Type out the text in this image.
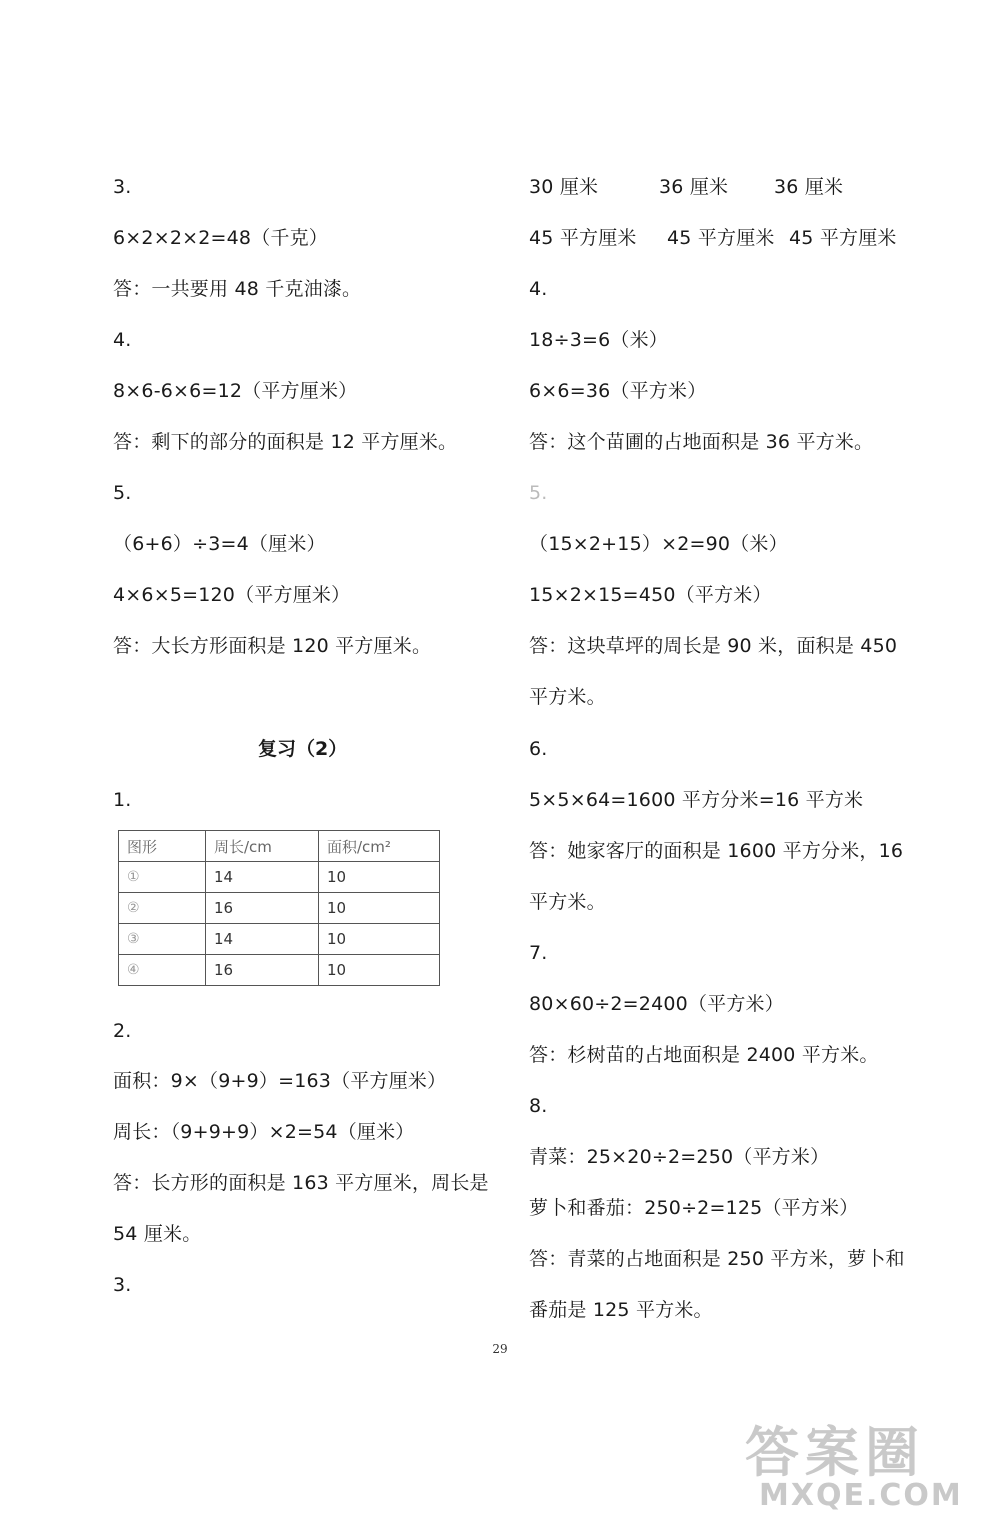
3.
6×2×2×2=48（千克）
答：一共要用 48 千克油漆。
4.
8×6-6×6=12（平方厘米）
答：剩下的部分的面积是 12 平方厘米。
5.
（6+6）÷3=4（厘米）
4×6×5=120（平方厘米）
答：大长方形面积是 120 平方厘米。
复习（2）
1.
2.
面积：9×（9+9）=163（平方厘米）
周长：（9+9+9）×2=54（厘米）
答：长方形的面积是 163 平方厘米，周长是
54 厘米。
3.
图形	周长/cm	面积/cm²
①	14	10
②	16	10
③	14	10
④	16	10
30 厘米	36 厘米 36 厘米
45 平方厘米 45 平方厘米 45 平方厘米
4.
18÷3=6（米）
6×6=36（平方米）
答：这个苗圃的占地面积是 36 平方米。
5.
（15×2+15）×2=90（米）
15×2×15=450（平方米）
答：这块草坪的周长是 90 米，面积是 450
平方米。
6.
5×5×64=1600 平方分米=16 平方米
答：她家客厅的面积是 1600 平方分米，16
平方米。
7.
80×60÷2=2400（平方米）
答：杉树苗的占地面积是 2400 平方米。
8.
青菜：25×20÷2=250（平方米）
萝卜和番茄：250÷2=125（平方米）
答：青菜的占地面积是 250 平方米，萝卜和
番茄是 125 平方米。
29
答案圈
MXQE.COM
